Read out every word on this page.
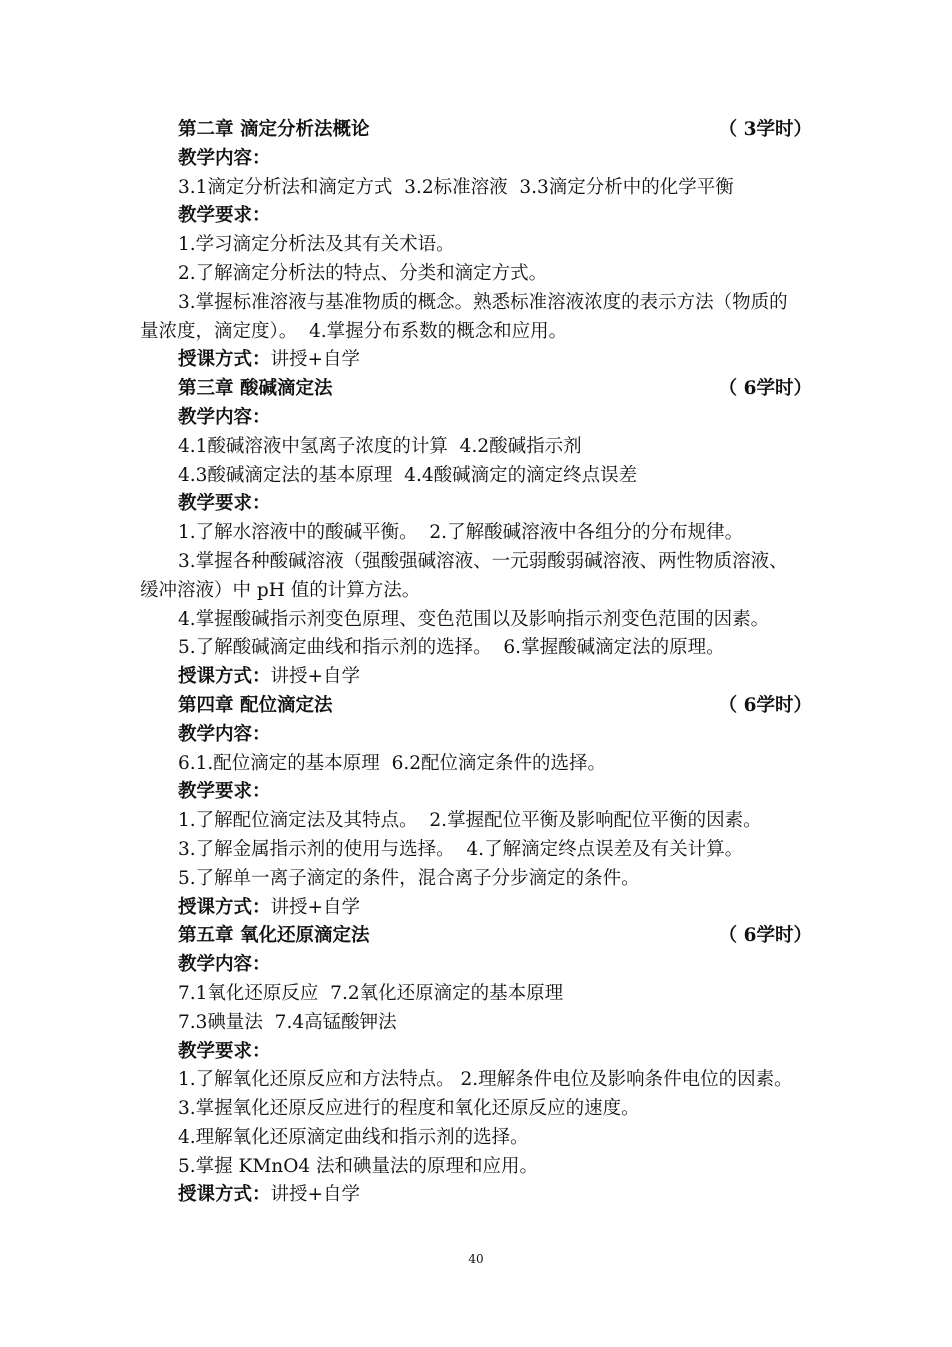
第二章 滴定分析法概论	（ 3学时）
教学内容：
3.1滴定分析法和滴定方式  3.2标准溶液  3.3滴定分析中的化学平衡
教学要求：
1.学习滴定分析法及其有关术语。
2.了解滴定分析法的特点、分类和滴定方式。
3.掌握标准溶液与基准物质的概念。熟悉标准溶液浓度的表示方法（物质的
量浓度，滴定度）。  4.掌握分布系数的概念和应用。
授课方式：讲授+自学
第三章 酸碱滴定法	（ 6学时）
教学内容：
4.1酸碱溶液中氢离子浓度的计算  4.2酸碱指示剂
4.3酸碱滴定法的基本原理  4.4酸碱滴定的滴定终点误差
教学要求：
1.了解水溶液中的酸碱平衡。  2.了解酸碱溶液中各组分的分布规律。
3.掌握各种酸碱溶液（强酸强碱溶液、一元弱酸弱碱溶液、两性物质溶液、
缓冲溶液）中 pH 值的计算方法。
4.掌握酸碱指示剂变色原理、变色范围以及影响指示剂变色范围的因素。
5.了解酸碱滴定曲线和指示剂的选择。  6.掌握酸碱滴定法的原理。
授课方式：讲授+自学
第四章 配位滴定法	（ 6学时）
教学内容：
6.1.配位滴定的基本原理  6.2配位滴定条件的选择。
教学要求：
1.了解配位滴定法及其特点。  2.掌握配位平衡及影响配位平衡的因素。
3.了解金属指示剂的使用与选择。  4.了解滴定终点误差及有关计算。
5.了解单一离子滴定的条件，混合离子分步滴定的条件。
授课方式：讲授+自学
第五章 氧化还原滴定法	（ 6学时）
教学内容：
7.1氧化还原反应  7.2氧化还原滴定的基本原理
7.3碘量法  7.4高锰酸钾法
教学要求：
1.了解氧化还原反应和方法特点。 2.理解条件电位及影响条件电位的因素。
3.掌握氧化还原反应进行的程度和氧化还原反应的速度。
4.理解氧化还原滴定曲线和指示剂的选择。
5.掌握 KMnO4 法和碘量法的原理和应用。
授课方式：讲授+自学
40
